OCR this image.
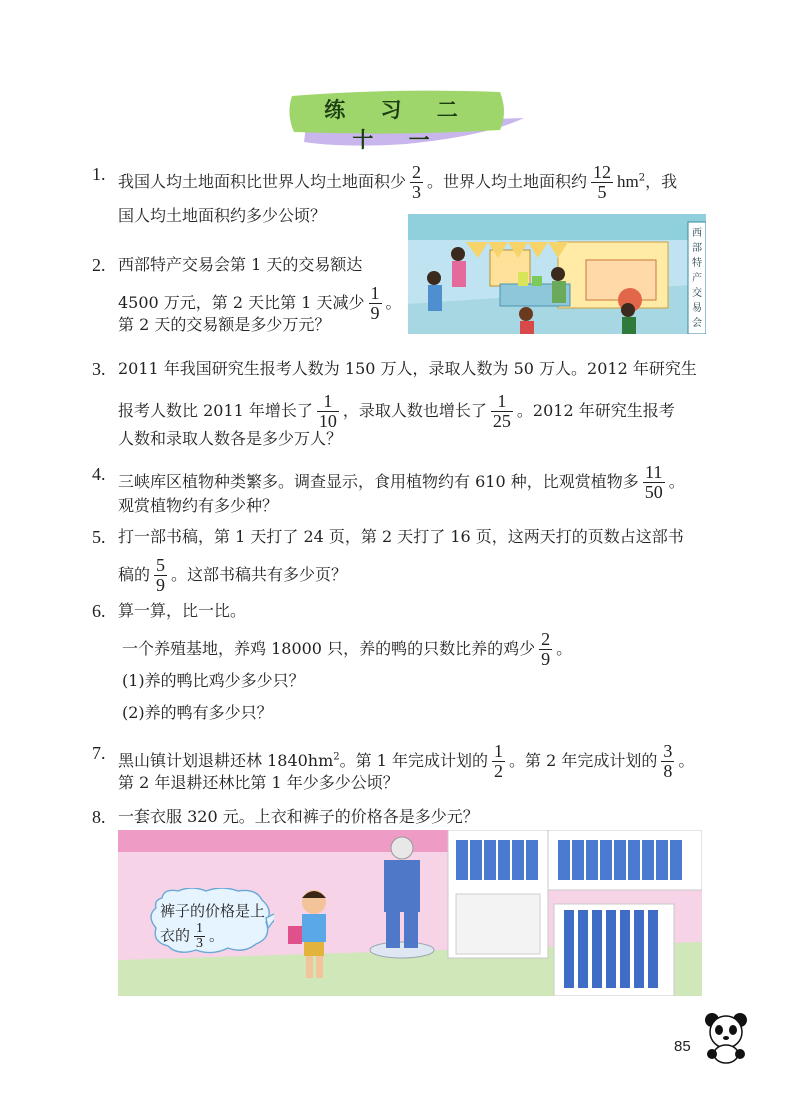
练 习 二 十 一
1. 我国人均土地面积比世界人均土地面积少 $\frac{2}{3}$ 。世界人均土地面积约 $\frac{12}{5} hm^2$，我
国人均土地面积约多少公顷？
西部特产交易会
2. 西部特产交易会第 1 天的交易额达
4500 万元，第 2 天比第 1 天减少 $\frac{1}{9}$ 。
第 2 天的交易额是多少万元？
3. 2011 年我国研究生报考人数为 150 万人，录取人数为 50 万人。2012 年研究生
报考人数比 2011 年增长了 $\frac{1}{10}$ ，录取人数也增长了 $\frac{1}{25}$ 。2012 年研究生报考
人数和录取人数各是多少万人？
4. 三峡库区植物种类繁多。调查显示，食用植物约有 610 种，比观赏植物多 $\frac{11}{50}$ 。
观赏植物约有多少种？
5. 打一部书稿，第 1 天打了 24 页，第 2 天打了 16 页，这两天打的页数占这部书
稿的 $\frac{5}{9}$ 。这部书稿共有多少页？
6. 算一算，比一比。
一个养殖基地，养鸡 18000 只，养的鸭的只数比养的鸡少 $\frac{2}{9}$ 。
(1)养的鸭比鸡少多少只？
(2)养的鸭有多少只？
7. 黑山镇计划退耕还林 $1840hm^2$。第 1 年完成计划的 $\frac{1}{2}$ 。第 2 年完成计划的 $\frac{3}{8}$ 。
第 2 年退耕还林比第 1 年少多少公顷？
8. 一套衣服 320 元。上衣和裤子的价格各是多少元？
裤子的价格是上
衣的 $\frac{1}{3}$ 。
85
